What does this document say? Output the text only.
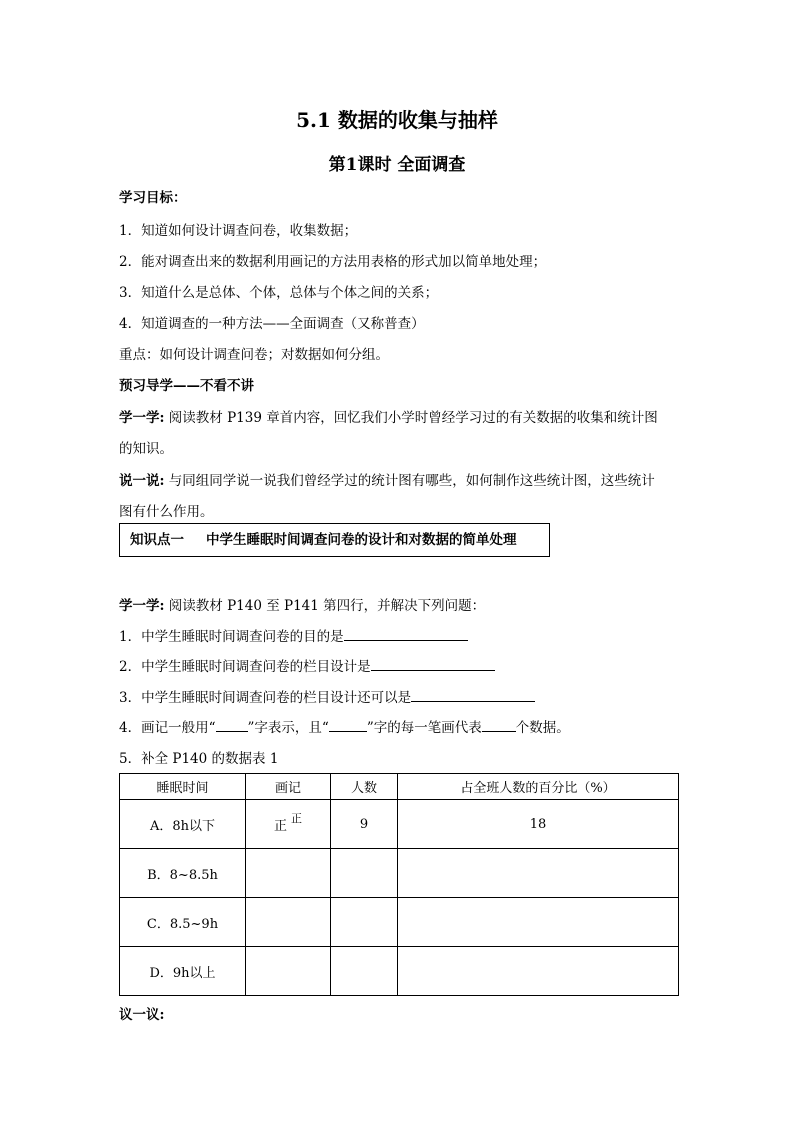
5.1 数据的收集与抽样
第1课时 全面调查
学习目标：
1．知道如何设计调查问卷，收集数据；
2．能对调查出来的数据利用画记的方法用表格的形式加以简单地处理；
3．知道什么是总体、个体，总体与个体之间的关系；
4．知道调查的一种方法——全面调查（又称普查）
重点：如何设计调查问卷；对数据如何分组。
预习导学——不看不讲
学一学: 阅读教材 P139 章首内容，回忆我们小学时曾经学习过的有关数据的收集和统计图
的知识。
说一说: 与同组同学说一说我们曾经学过的统计图有哪些，如何制作这些统计图，这些统计
图有什么作用。
知识点一 中学生睡眠时间调查问卷的设计和对数据的简单处理
学一学: 阅读教材 P140 至 P141 第四行，并解决下列问题：
1．中学生睡眠时间调查问卷的目的是
2．中学生睡眠时间调查问卷的栏目设计是
3．中学生睡眠时间调查问卷的栏目设计还可以是
4．画记一般用“ ”字表示，且“	”字的每一笔画代表	个数据。
5．补全 P140 的数据表 1
睡眠时间	画记	人数	占全班人数的百分比（%）
A．8h以下	正$^正$	9	18
B．8~8.5h			
C．8.5~9h			
D．9h以上			
议一议:
